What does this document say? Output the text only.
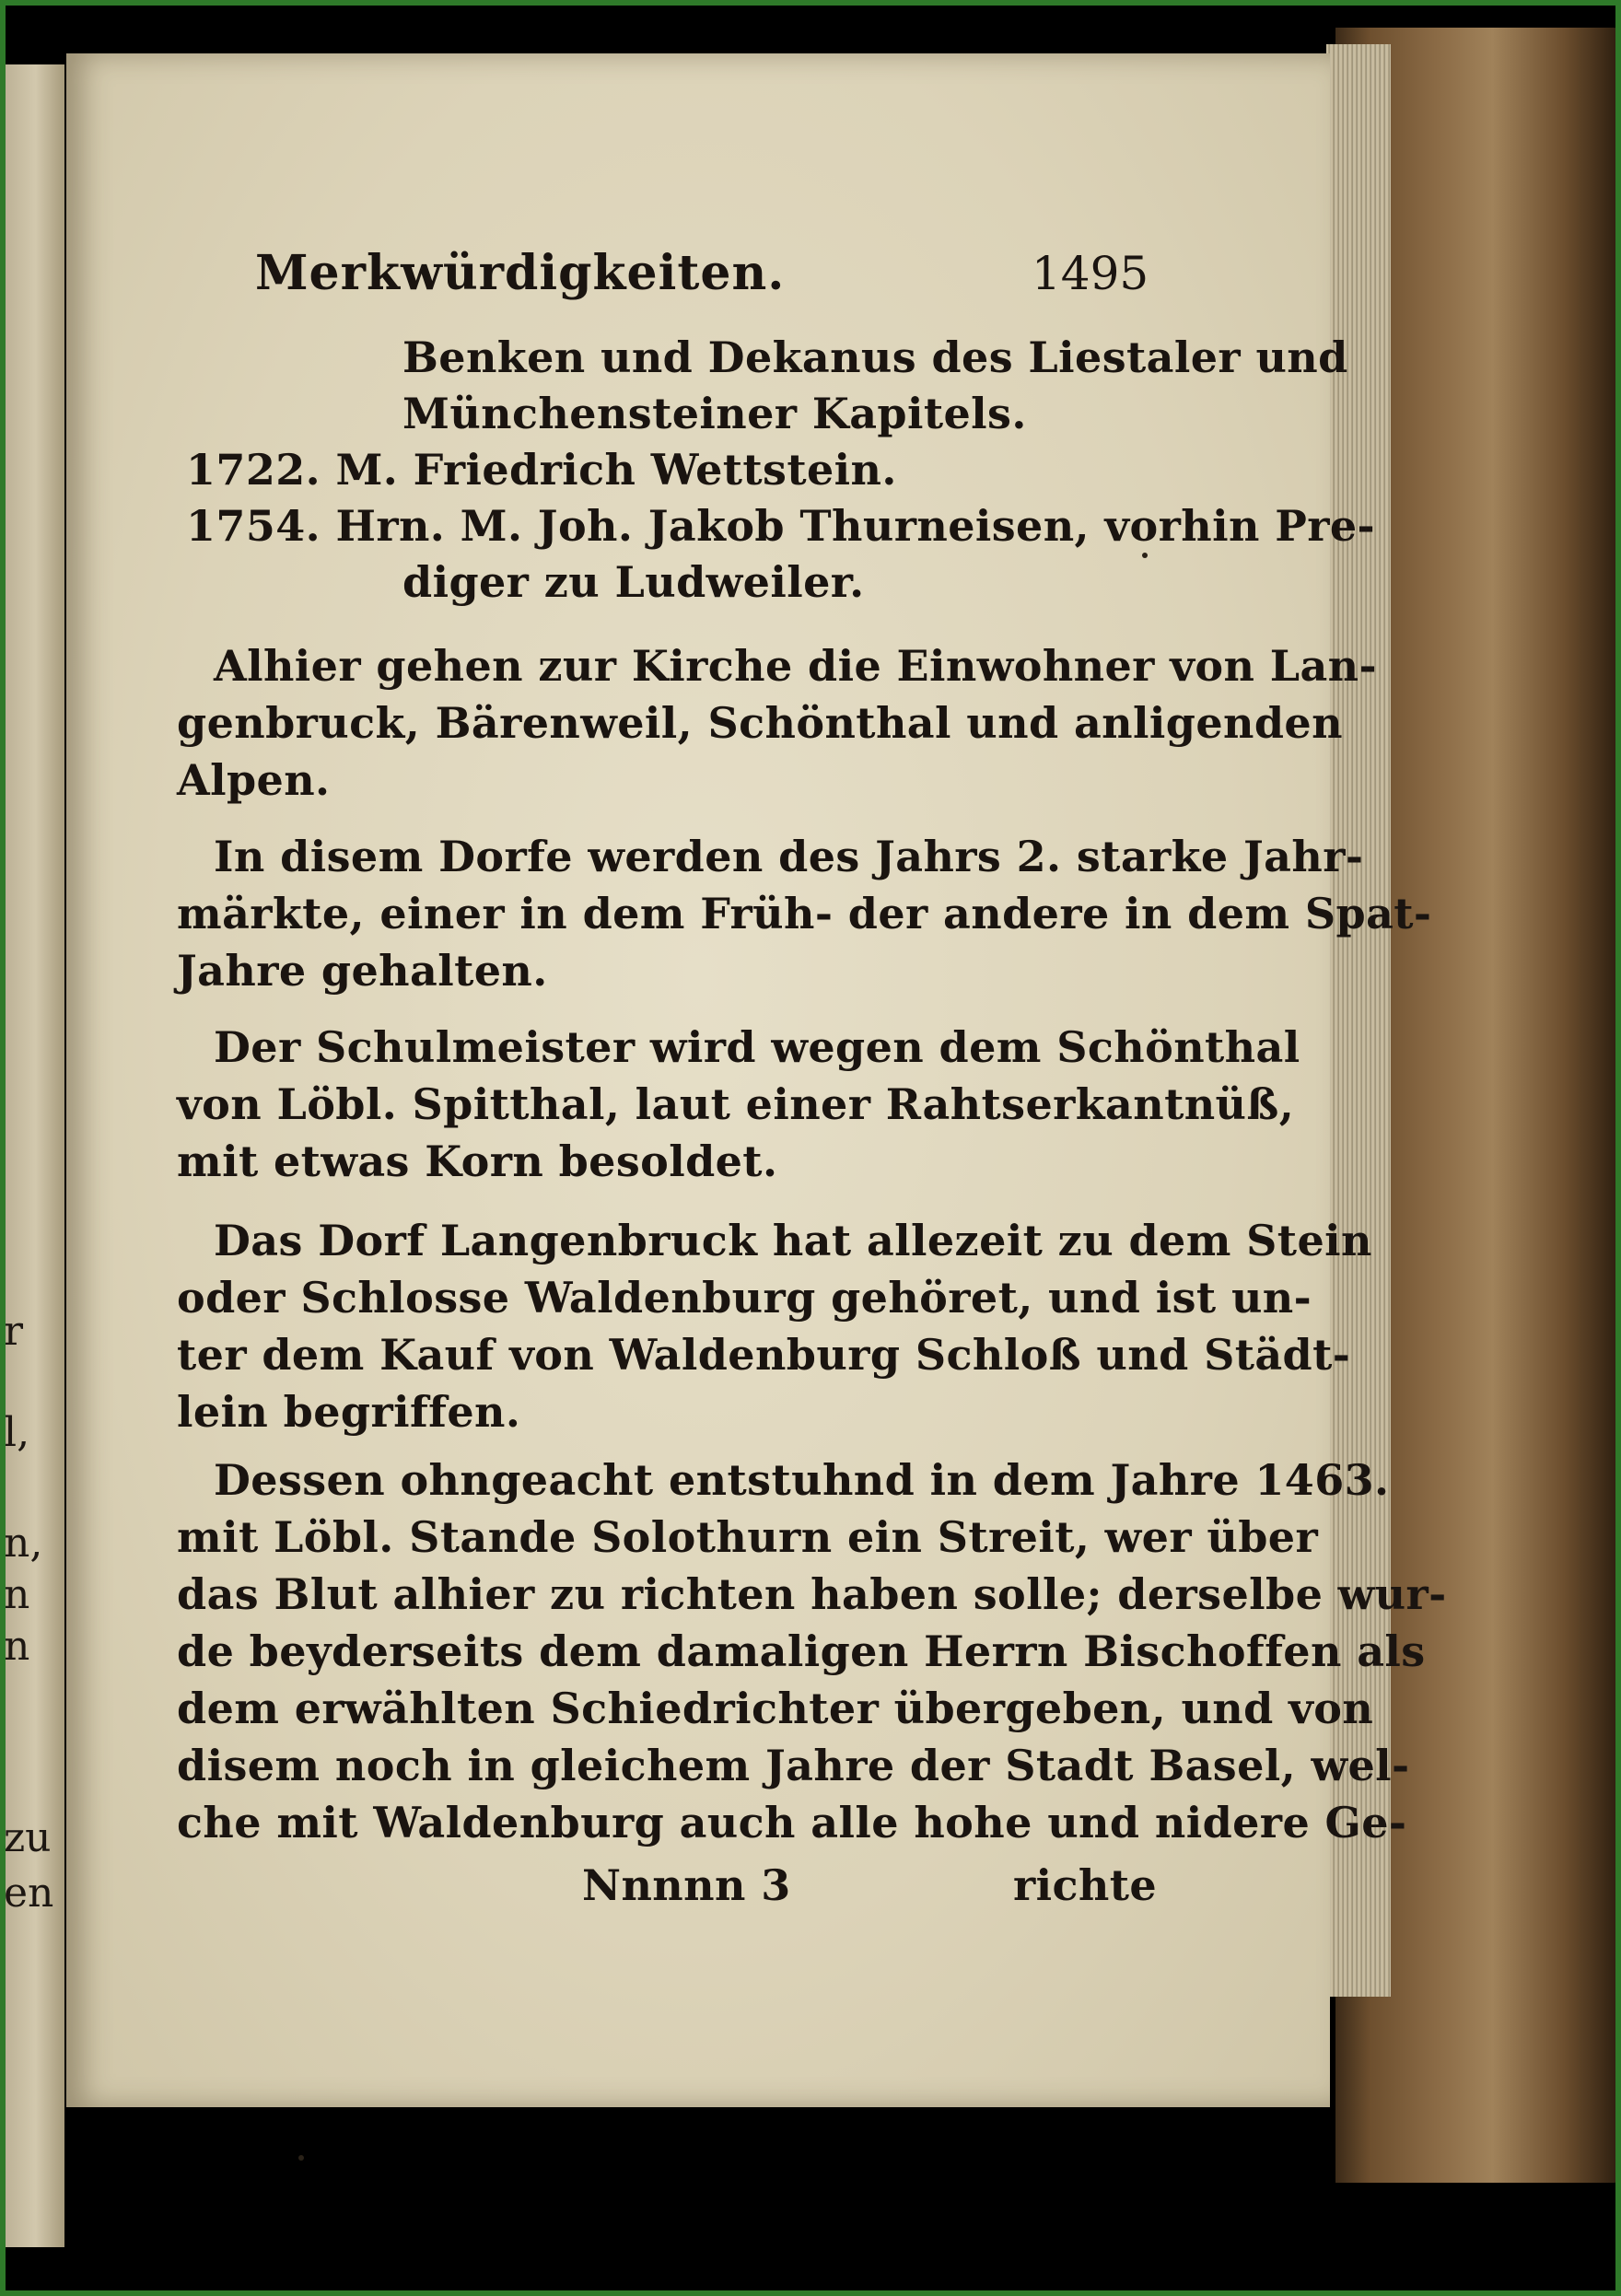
r
l,
n,
n
n
zu
en
Merkwürdigkeiten.	1495
Benken und Dekanus des Liestaler und
Münchensteiner Kapitels.
1722. M. Friedrich Wettstein.
1754. Hrn. M. Joh. Jakob Thurneisen, vorhin Pre-
diger zu Ludweiler.
Alhier gehen zur Kirche die Einwohner von Lan-
genbruck, Bärenweil, Schönthal und anligenden
Alpen.
In disem Dorfe werden des Jahrs 2. starke Jahr-
märkte, einer in dem Früh- der andere in dem Spat-
Jahre gehalten.
Der Schulmeister wird wegen dem Schönthal
von Löbl. Spitthal, laut einer Rahtserkantnüß,
mit etwas Korn besoldet.
Das Dorf Langenbruck hat allezeit zu dem Stein
oder Schlosse Waldenburg gehöret, und ist un-
ter dem Kauf von Waldenburg Schloß und Städt-
lein begriffen.
Dessen ohngeacht entstuhnd in dem Jahre 1463.
mit Löbl. Stande Solothurn ein Streit, wer über
das Blut alhier zu richten haben solle; derselbe wur-
de beyderseits dem damaligen Herrn Bischoffen als
dem erwählten Schiedrichter übergeben, und von
disem noch in gleichem Jahre der Stadt Basel, wel-
che mit Waldenburg auch alle hohe und nidere Ge-
Nnnnn 3	richte
